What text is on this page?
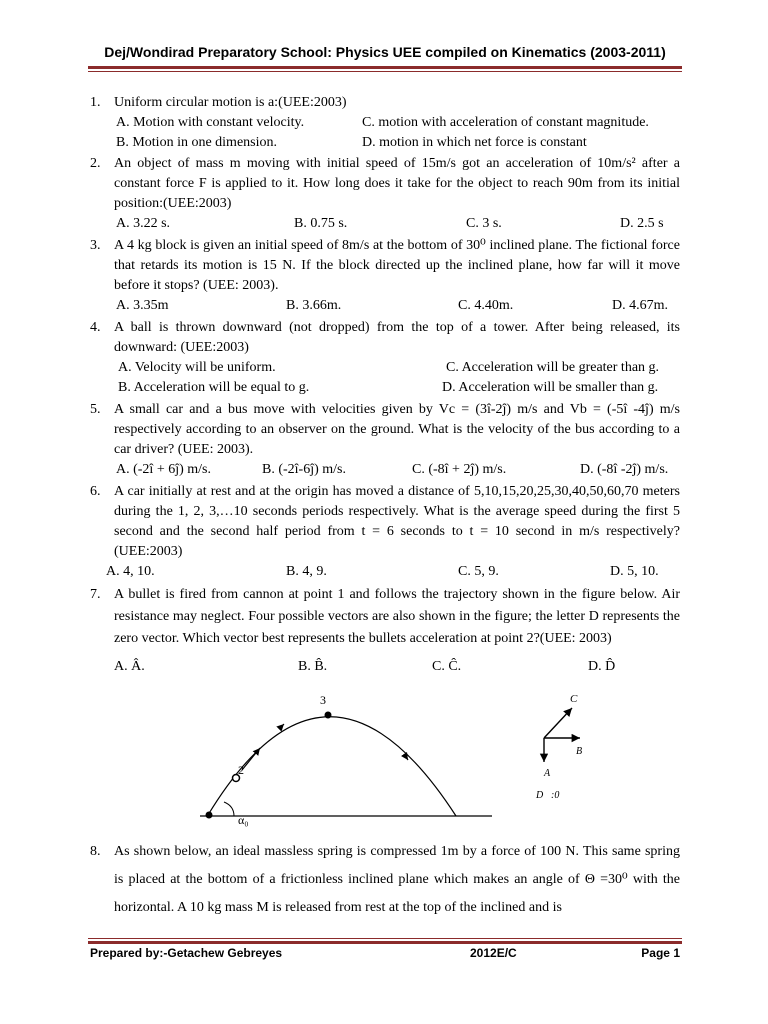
Dej/Wondirad Preparatory School: Physics UEE compiled on Kinematics (2003-2011)
1. Uniform circular motion is a:(UEE:2003)
A. Motion with constant velocity.	C. motion with acceleration of constant magnitude.
B. Motion in one dimension.	D. motion in which net force is constant
2. An object of mass m moving with initial speed of 15m/s got an acceleration of 10m/s² after a constant force F is applied to it. How long does it take for the object to reach 90m from its initial position:(UEE:2003)
A. 3.22 s.	B. 0.75 s.	C. 3 s.	D. 2.5 s
3. A 4 kg block is given an initial speed of 8m/s at the bottom of 30⁰ inclined plane. The fictional force that retards its motion is 15 N. If the block directed up the inclined plane, how far will it move before it stops? (UEE: 2003).
A. 3.35m	B. 3.66m.	C. 4.40m.	D. 4.67m.
4. A ball is thrown downward (not dropped) from the top of a tower. After being released, its downward: (UEE:2003)
A. Velocity will be uniform.	C. Acceleration will be greater than g.
B. Acceleration will be equal to g.	D. Acceleration will be smaller than g.
5. A small car and a bus move with velocities given by Vc = (3î-2ĵ) m/s and Vb = (-5î -4ĵ) m/s respectively according to an observer on the ground. What is the velocity of the bus according to a car driver? (UEE: 2003).
A. (-2î + 6ĵ) m/s.	B. (-2î-6ĵ) m/s.	C. (-8î + 2ĵ) m/s.	D. (-8î -2ĵ) m/s.
6. A car initially at rest and at the origin has moved a distance of 5,10,15,20,25,30,40,50,60,70 meters during the 1, 2, 3,…10 seconds periods respectively. What is the average speed during the first 5 second and the second half period from t = 6 seconds to t = 10 second in m/s respectively? (UEE:2003)
A. 4, 10.	B. 4, 9.	C. 5, 9.	D. 5, 10.
7. A bullet is fired from cannon at point 1 and follows the trajectory shown in the figure below. Air resistance may neglect. Four possible vectors are also shown in the figure; the letter D represents the zero vector. Which vector best represents the bullets acceleration at point 2?(UEE: 2003)
A. Â.	B. B̂.	C. Ĉ.	D. D̂
3
2
α₀
C⃗
B⃗
A⃗
D⃗:0
8. As shown below, an ideal massless spring is compressed 1m by a force of 100 N. This same spring is placed at the bottom of a frictionless inclined plane which makes an angle of Θ =30⁰ with the horizontal. A 10 kg mass M is released from rest at the top of the inclined and is
Prepared by:-Getachew Gebreyes	2012E/C	Page 1
